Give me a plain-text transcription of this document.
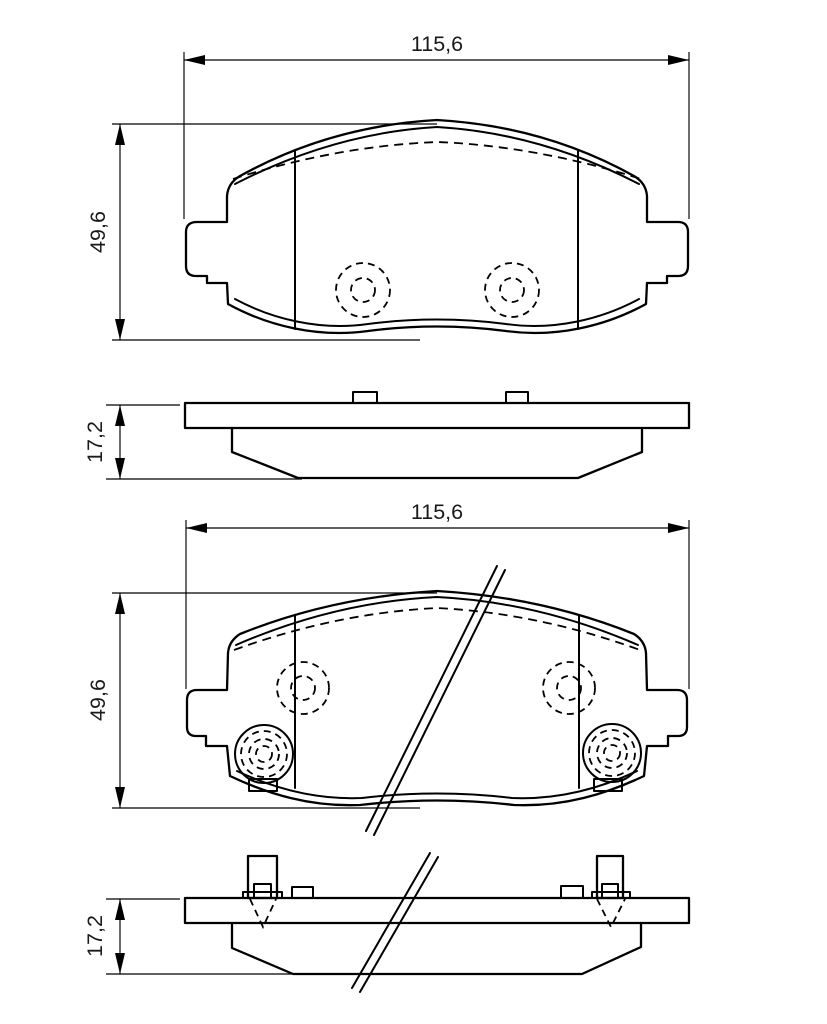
115,6
49,6
17,2
115,6
49,6
17,2
